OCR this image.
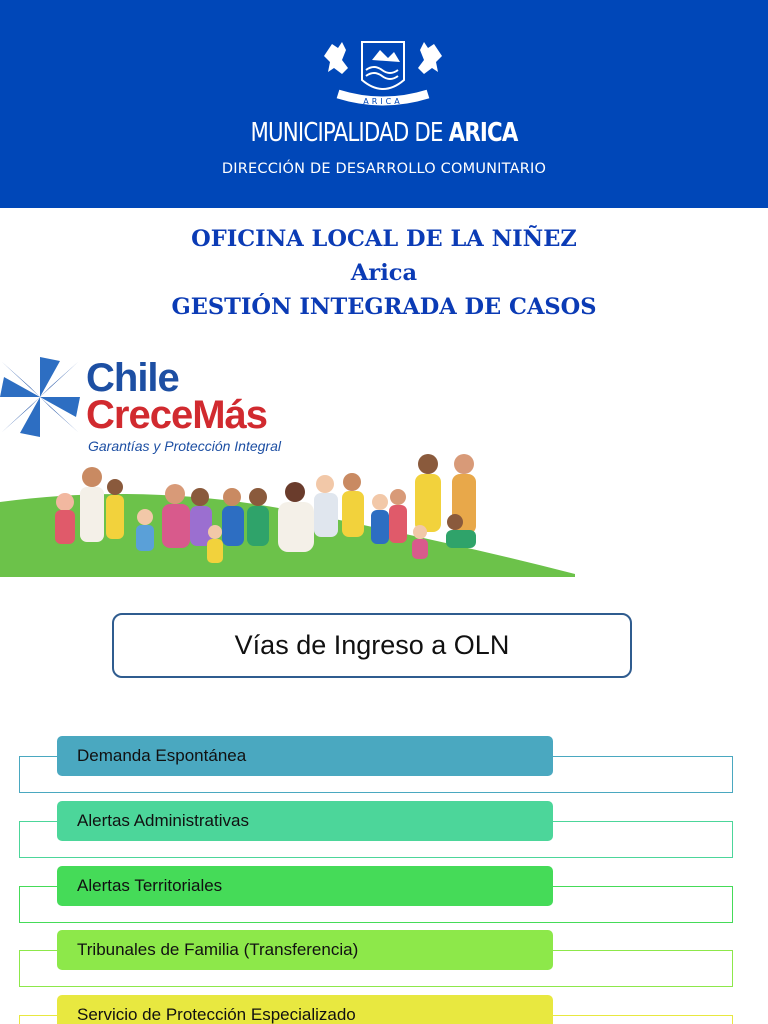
ARICA
MUNICIPALIDAD DE ARICA
DIRECCIÓN DE DESARROLLO COMUNITARIO
OFICINA LOCAL DE LA NIÑEZ
Arica
GESTIÓN INTEGRADA DE CASOS
Chile
CreceMás
Garantías y Protección Integral
Vías de Ingreso a OLN
Demanda Espontánea
Alertas Administrativas
Alertas Territoriales
Tribunales de Familia (Transferencia)
Servicio de Protección Especializado
